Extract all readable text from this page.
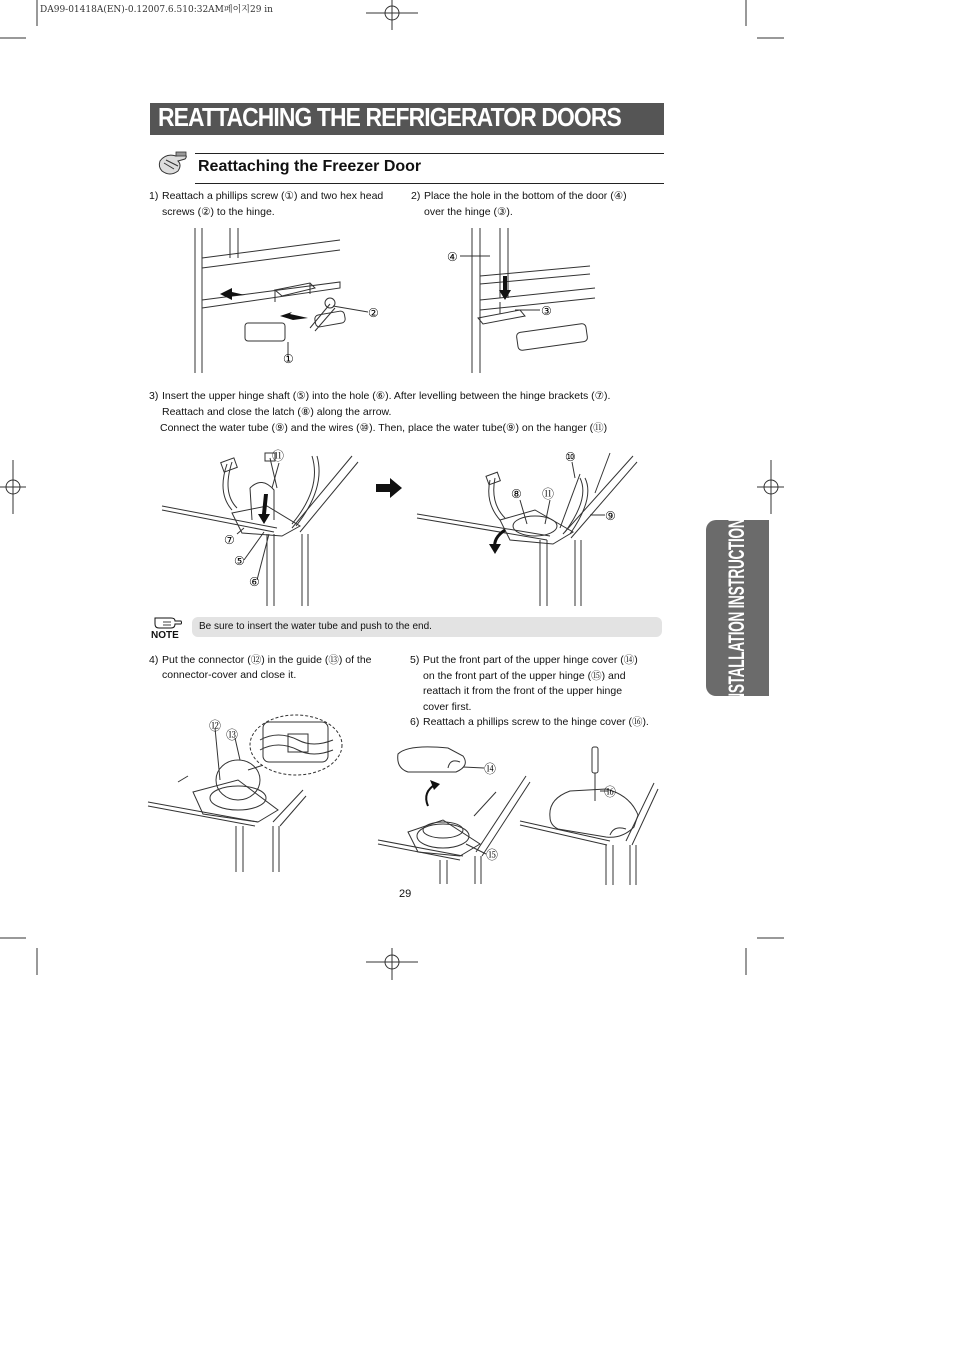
DA99-01418A(EN)-0.12007.6.510:32AM페이지29 in
REATTACHING THE REFRIGERATOR DOORS
Reattaching the Freezer Door
1) Reattach a phillips screw (①) and two hex head
screws (②) to the hinge.
2) Place the hole in the bottom of the door (④)
over the hinge (③).
②
①
④
③
3) Insert the upper hinge shaft (⑤) into the hole (⑥). After levelling between the hinge brackets (⑦).
Reattach and close the latch (⑧) along the arrow.
Connect the water tube (⑨) and the wires (⑩). Then, place the water tube(⑨) on the hanger (⑪)
⑦
⑤
⑥
⑪	⑩
⑧ ⑪
⑨
NOTE
Be sure to insert the water tube and push to the end.
4) Put the connector (⑫) in the guide (⑬) of the
connector-cover and close it.
5) Put the front part of the upper hinge cover (⑭)
on the front part of the upper hinge (⑮) and
reattach it from the front of the upper hinge
cover first.
6) Reattach a phillips screw to the hinge cover (⑯).
⑫
⑬
⑭
⑮
⑯
INSTALLATION INSTRUCTIONS
29
